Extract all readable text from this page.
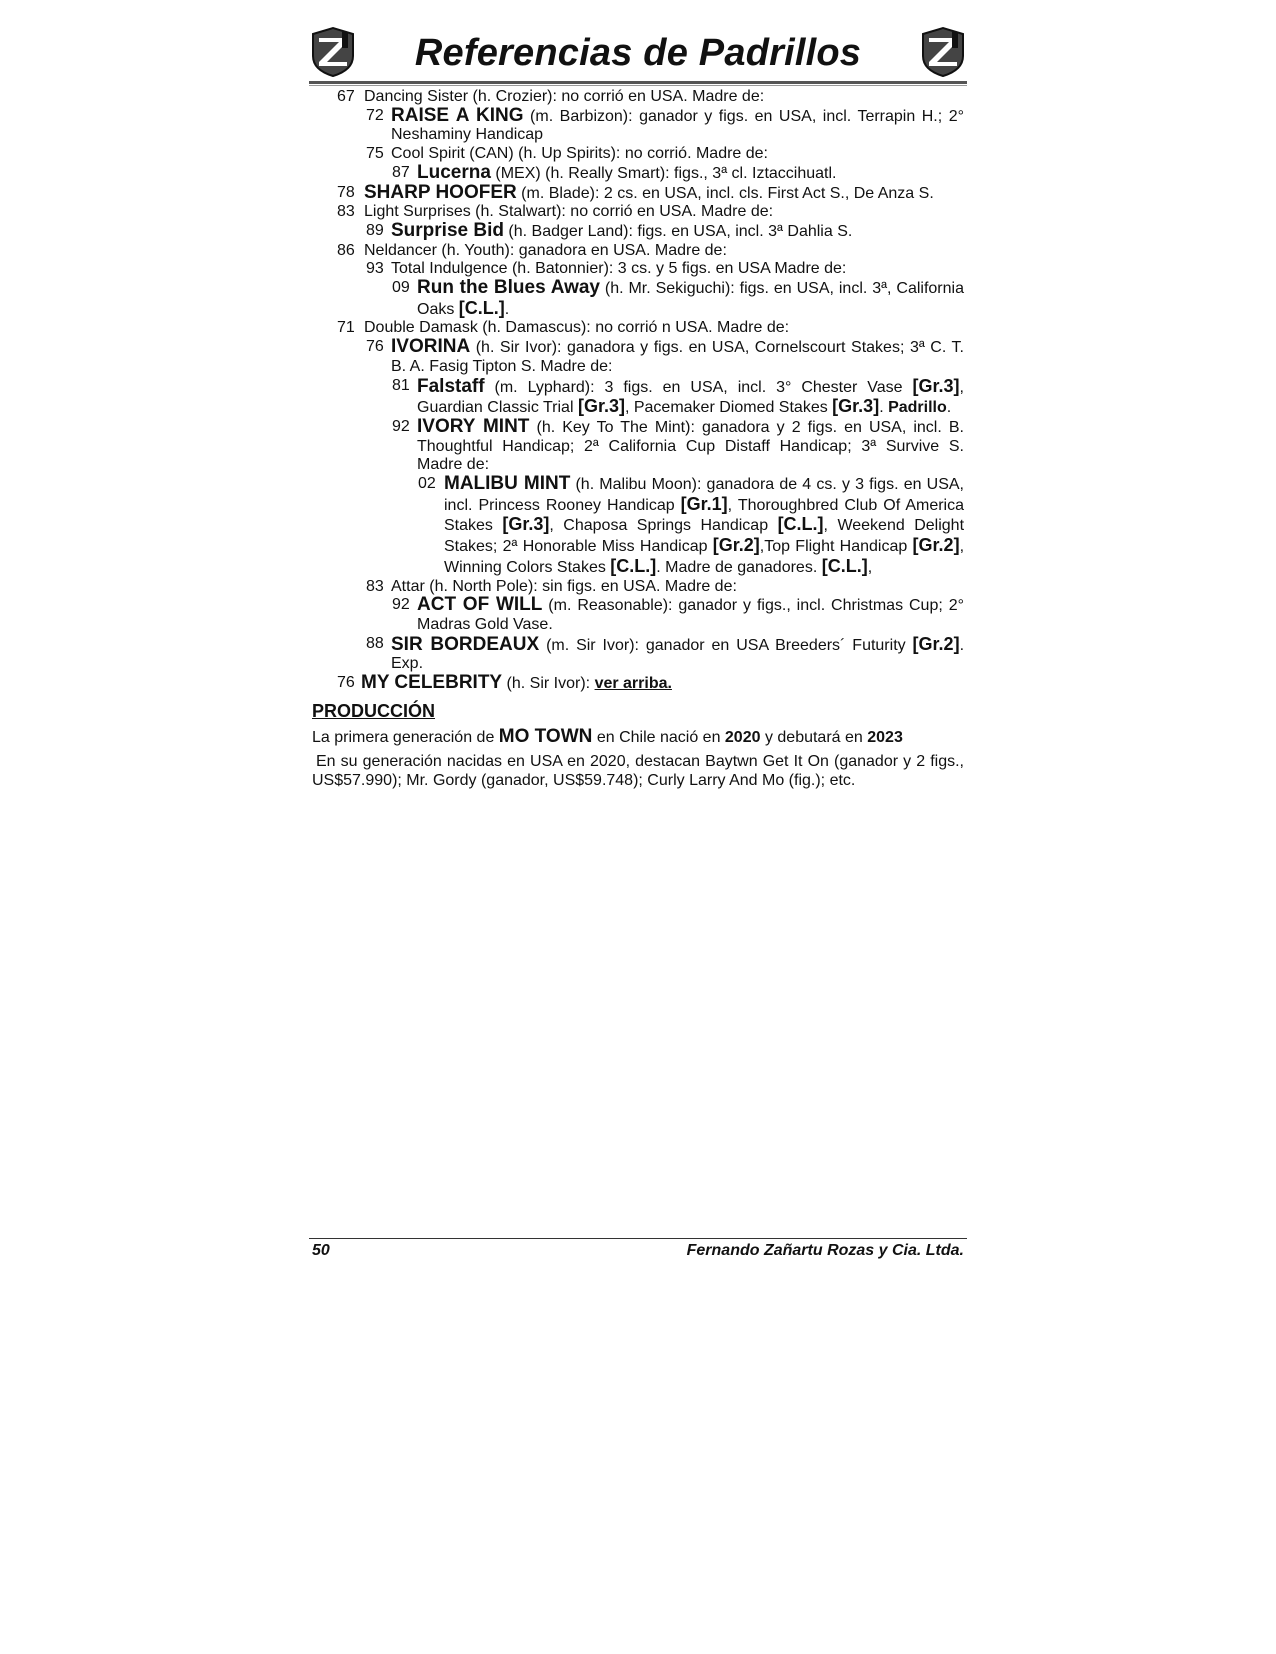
Referencias de Padrillos
67 Dancing Sister (h. Crozier): no corrió en USA. Madre de:
72 RAISE A KING (m. Barbizon): ganador y figs. en USA, incl. Terrapin H.; 2° Neshaminy Handicap
75 Cool Spirit (CAN) (h. Up Spirits): no corrió. Madre de:
87 Lucerna (MEX) (h. Really Smart): figs., 3ª cl. Iztaccihuatl.
78 SHARP HOOFER (m. Blade): 2 cs. en USA, incl. cls. First Act S., De Anza S.
83 Light Surprises (h. Stalwart): no corrió en USA. Madre de:
89 Surprise Bid (h. Badger Land): figs. en USA, incl. 3ª Dahlia S.
86 Neldancer (h. Youth): ganadora en USA. Madre de:
93 Total Indulgence (h. Batonnier): 3 cs. y 5 figs. en USA Madre de:
09 Run the Blues Away (h. Mr. Sekiguchi): figs. en USA, incl. 3ª, California Oaks [C.L.].
71 Double Damask (h. Damascus): no corrió n USA. Madre de:
76 IVORINA (h. Sir Ivor): ganadora y figs. en USA, Cornelscourt Stakes; 3ª C. T. B. A. Fasig Tipton S. Madre de:
81 Falstaff (m. Lyphard): 3 figs. en USA, incl. 3° Chester Vase [Gr.3], Guardian Classic Trial [Gr.3], Pacemaker Diomed Stakes [Gr.3]. Padrillo.
92 IVORY MINT (h. Key To The Mint): ganadora y 2 figs. en USA, incl. B. Thoughtful Handicap; 2ª California Cup Distaff Handicap; 3ª Survive S. Madre de:
02 MALIBU MINT (h. Malibu Moon): ganadora de 4 cs. y 3 figs. en USA, incl. Princess Rooney Handicap [Gr.1], Thoroughbred Club Of America Stakes [Gr.3], Chaposa Springs Handicap [C.L.], Weekend Delight Stakes; 2ª Honorable Miss Handicap [Gr.2],Top Flight Handicap [Gr.2], Winning Colors Stakes [C.L.]. Madre de ganadores. [C.L.],
83 Attar (h. North Pole): sin figs. en USA. Madre de:
92 ACT OF WILL (m. Reasonable): ganador y figs., incl. Christmas Cup; 2° Madras Gold Vase.
88 SIR BORDEAUX (m. Sir Ivor): ganador en USA Breeders´ Futurity [Gr.2]. Exp.
76 MY CELEBRITY (h. Sir Ivor): ver arriba.
PRODUCCIÓN
La primera generación de MO TOWN en Chile nació en 2020 y debutará en 2023
En su generación nacidas en USA en 2020, destacan Baytwn Get It On (ganador y 2 figs., US$57.990); Mr. Gordy (ganador, US$59.748); Curly Larry And Mo (fig.); etc.
50	Fernando Zañartu Rozas y Cia. Ltda.
